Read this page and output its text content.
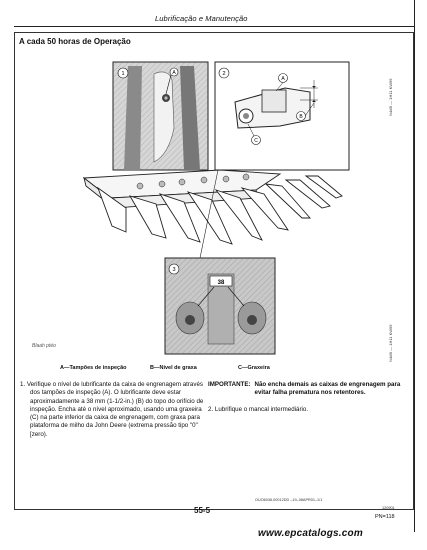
Lubrificação e Manutenção
A cada 50 horas de Operação
A
1	2
A
B
C
38
3
N4#B — 1H11 KW99
N4#B — 1H11 KW99
Blaah ptéo
A—Tampões de inspeção	B—Nível de graxa	C—Graxeira

1. Verifique o nível de lubrificante da caixa de engrenagem através dos tampões de inspeção (A). O lubrificante deve estar aproximadamente a 38 mm (1-1/2-in.) (B) do topo do orifício de inspeção. Encha até o nível aproximado, usando uma graxeira (C) na parte inferior da caixa de engrenagem, com graxa para plataforma de milho da John Deere (extrema pressão tipo "0" [zero).

IMPORTANTE: Não encha demais as caixas de engrenagem para evitar falha prematura nos retentores.

2. Lubrifique o mancal intermediário.

OUO6036,00012DD –19–08APR01–1/1
55-5	120901
PN=118
www.epcatalogs.com
